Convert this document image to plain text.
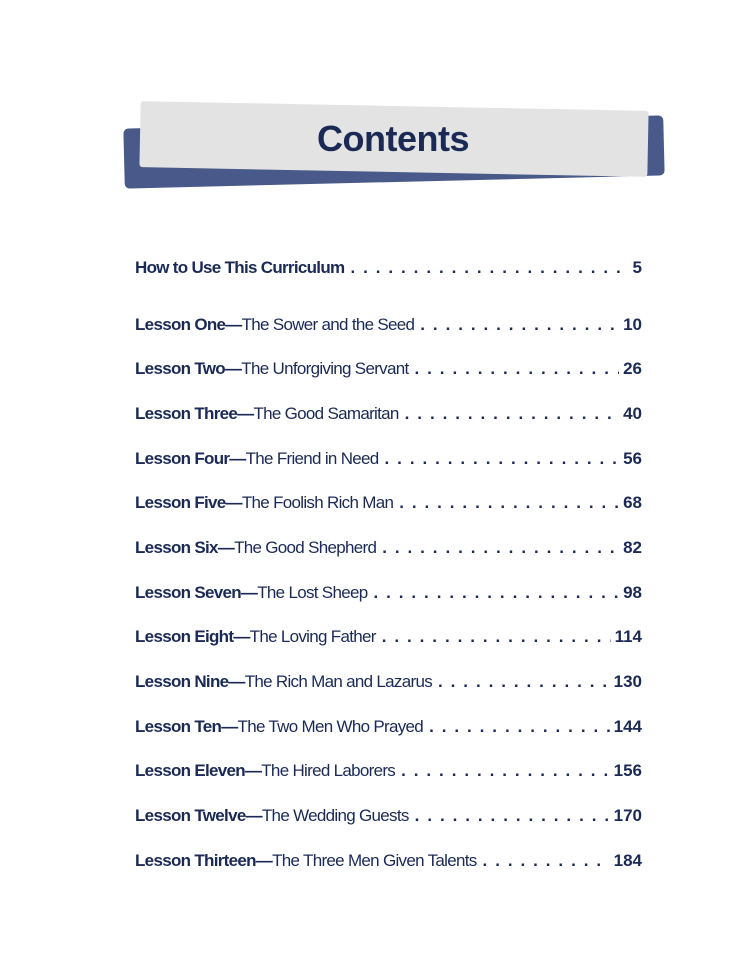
Contents
How to Use This Curriculum . . .	5
Lesson One— The Sower and the Seed . . .	10
Lesson Two— The Unforgiving Servant . . .	26
Lesson Three— The Good Samaritan . . .	40
Lesson Four— The Friend in Need . . .	56
Lesson Five— The Foolish Rich Man . . .	68
Lesson Six— The Good Shepherd . . .	82
Lesson Seven— The Lost Sheep . . .	98
Lesson Eight— The Loving Father . . .	114
Lesson Nine— The Rich Man and Lazarus . . .	130
Lesson Ten— The Two Men Who Prayed . . .	144
Lesson Eleven— The Hired Laborers . . .	156
Lesson Twelve— The Wedding Guests . . .	170
Lesson Thirteen— The Three Men Given Talents . . .	184
